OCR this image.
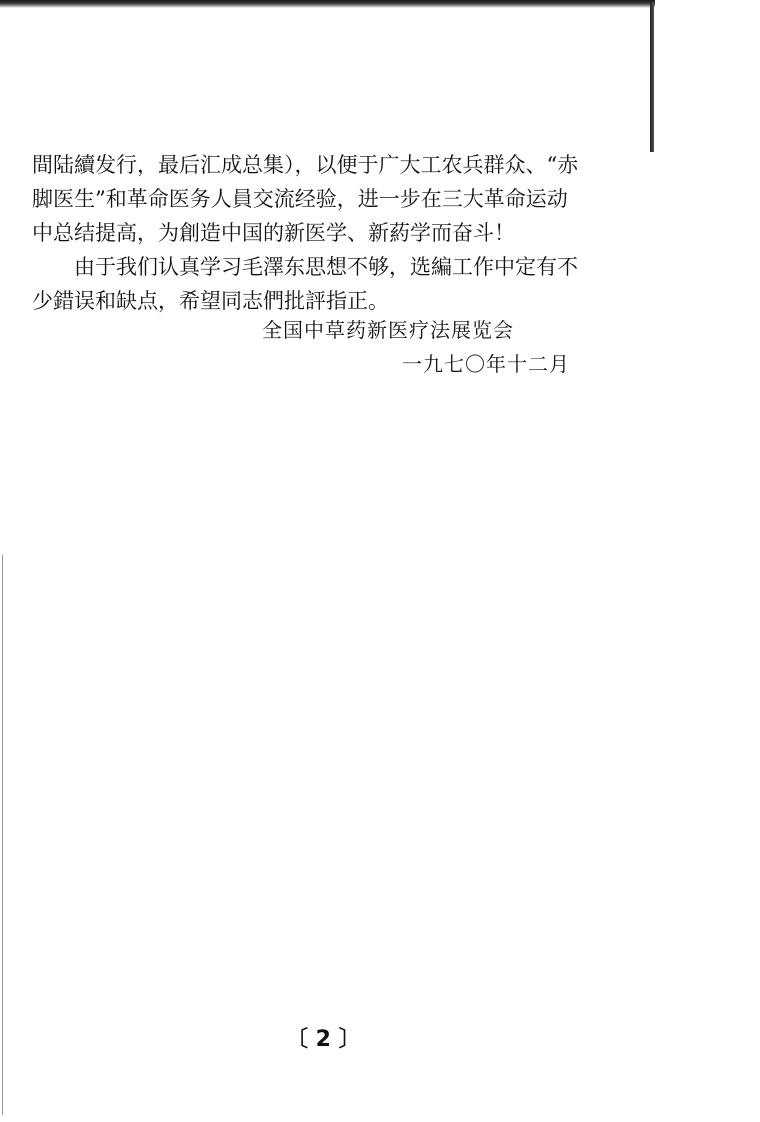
間陆續发行，最后汇成总集），以便于广大工农兵群众、“赤
脚医生”和革命医务人員交流经验，进一步在三大革命运动
中总结提高，为創造中国的新医学、新葯学而奋斗！
由于我们认真学习毛澤东思想不够，选編工作中定有不
少錯误和缺点，希望同志們批評指正。
全国中草药新医疗法展览会
一九七〇年十二月
〔 2 〕
